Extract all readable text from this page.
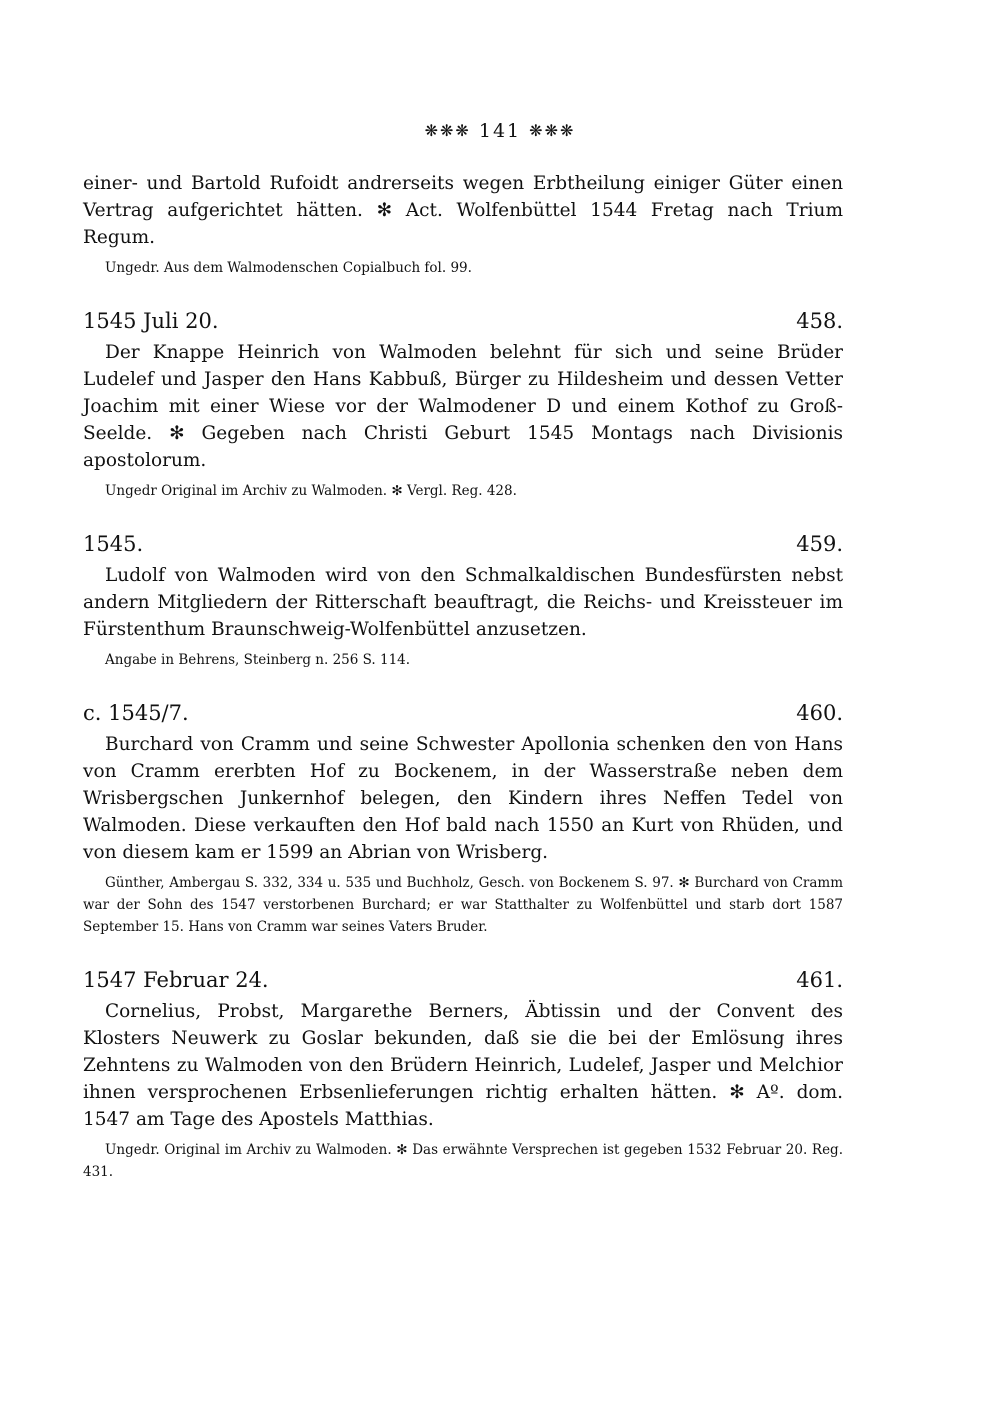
❋❋❋ 141 ❋❋❋

einer- und Bartold Rufoidt andrerseits wegen Erbtheilung einiger Güter einen Vertrag aufgerichtet hätten. ✻ Act. Wolfenbüttel 1544 Fretag nach Trium Regum.

Ungedr. Aus dem Walmodenschen Copialbuch fol. 99.

1545 Juli 20.	458.

Der Knappe Heinrich von Walmoden belehnt für sich und seine Brüder Ludelef und Jasper den Hans Kabbuß, Bürger zu Hildesheim und dessen Vetter Joachim mit einer Wiese vor der Walmodener D und einem Kothof zu Groß-Seelde. ✻ Gegeben nach Christi Geburt 1545 Montags nach Divisionis apostolorum.

Ungedr Original im Archiv zu Walmoden. ✻ Vergl. Reg. 428.

1545.	459.

Ludolf von Walmoden wird von den Schmalkaldischen Bundesfürsten nebst andern Mitgliedern der Ritterschaft beauftragt, die Reichs- und Kreissteuer im Fürstenthum Braunschweig-Wolfenbüttel anzusetzen.

Angabe in Behrens, Steinberg n. 256 S. 114.

c. 1545/7.	460.

Burchard von Cramm und seine Schwester Apollonia schenken den von Hans von Cramm ererbten Hof zu Bockenem, in der Wasserstraße neben dem Wrisbergschen Junkernhof belegen, den Kindern ihres Neffen Tedel von Walmoden. Diese verkauften den Hof bald nach 1550 an Kurt von Rhüden, und von diesem kam er 1599 an Abrian von Wrisberg.

Günther, Ambergau S. 332, 334 u. 535 und Buchholz, Gesch. von Bockenem S. 97. ✻ Burchard von Cramm war der Sohn des 1547 verstorbenen Burchard; er war Statthalter zu Wolfenbüttel und starb dort 1587 September 15. Hans von Cramm war seines Vaters Bruder.

1547 Februar 24.	461.

Cornelius, Probst, Margarethe Berners, Äbtissin und der Convent des Klosters Neuwerk zu Goslar bekunden, daß sie die bei der Emlösung ihres Zehntens zu Walmoden von den Brüdern Heinrich, Ludelef, Jasper und Melchior ihnen versprochenen Erbsenlieferungen richtig erhalten hätten. ✻ Aº. dom. 1547 am Tage des Apostels Matthias.

Ungedr. Original im Archiv zu Walmoden. ✻ Das erwähnte Versprechen ist gegeben 1532 Februar 20. Reg. 431.
